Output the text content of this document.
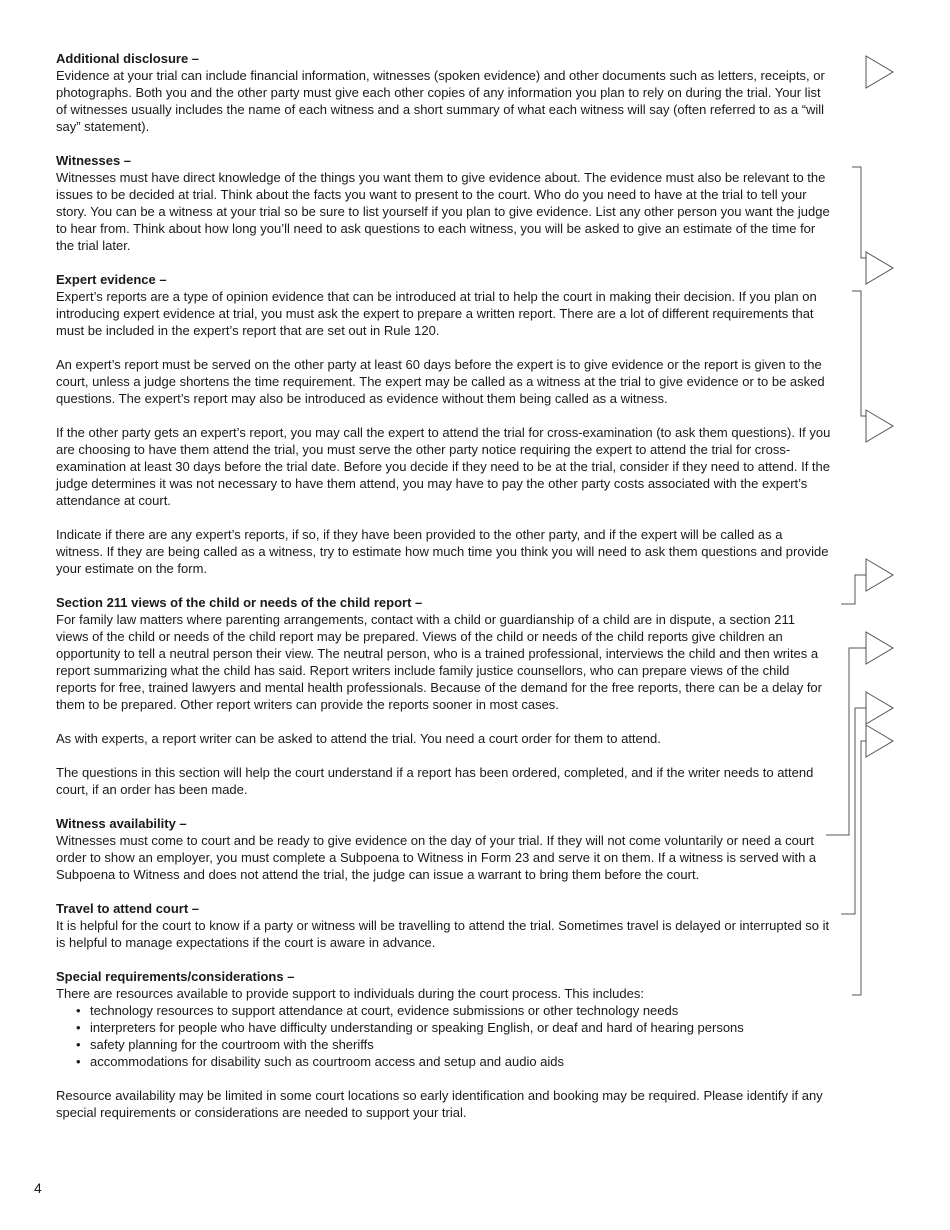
Additional disclosure –

Evidence at your trial can include financial information, witnesses (spoken evidence) and other documents such as letters, receipts, or photographs. Both you and the other party must give each other copies of any information you plan to rely on during the trial. Your list of witnesses usually includes the name of each witness and a short summary of what each witness will say (often referred to as a “will say” statement).

Witnesses –

Witnesses must have direct knowledge of the things you want them to give evidence about. The evidence must also be relevant to the issues to be decided at trial. Think about the facts you want to present to the court. Who do you need to have at the trial to tell your story. You can be a witness at your trial so be sure to list yourself if you plan to give evidence. List any other person you want the judge to hear from. Think about how long you’ll need to ask questions to each witness, you will be asked to give an estimate of the time for the trial later.

Expert evidence –

Expert’s reports are a type of opinion evidence that can be introduced at trial to help the court in making their decision. If you plan on introducing expert evidence at trial, you must ask the expert to prepare a written report. There are a lot of different requirements that must be included in the expert’s report that are set out in Rule 120.

An expert’s report must be served on the other party at least 60 days before the expert is to give evidence or the report is given to the court, unless a judge shortens the time requirement. The expert may be called as a witness at the trial to give evidence or to be asked questions. The expert’s report may also be introduced as evidence without them being called as a witness.

If the other party gets an expert’s report, you may call the expert to attend the trial for cross-examination (to ask them questions). If you are choosing to have them attend the trial, you must serve the other party notice requiring the expert to attend the trial for cross-examination at least 30 days before the trial date. Before you decide if they need to be at the trial, consider if they need to attend. If the judge determines it was not necessary to have them attend, you may have to pay the other party costs associated with the expert’s attendance at court.

Indicate if there are any expert’s reports, if so, if they have been provided to the other party, and if the expert will be called as a witness. If they are being called as a witness, try to estimate how much time you think you will need to ask them questions and provide your estimate on the form.

Section 211 views of the child or needs of the child report –

For family law matters where parenting arrangements, contact with a child or guardianship of a child are in dispute, a section 211 views of the child or needs of the child report may be prepared. Views of the child or needs of the child reports give children an opportunity to tell a neutral person their view. The neutral person, who is a trained professional, interviews the child and then writes a report summarizing what the child has said. Report writers include family justice counsellors, who can prepare views of the child reports for free, trained lawyers and mental health professionals. Because of the demand for the free reports, there can be a delay for them to be prepared. Other report writers can provide the reports sooner in most cases.

As with experts, a report writer can be asked to attend the trial. You need a court order for them to attend.

The questions in this section will help the court understand if a report has been ordered, completed, and if the writer needs to attend court, if an order has been made.

Witness availability –

Witnesses must come to court and be ready to give evidence on the day of your trial. If they will not come voluntarily or need a court order to show an employer, you must complete a Subpoena to Witness in Form 23 and serve it on them. If a witness is served with a Subpoena to Witness and does not attend the trial, the judge can issue a warrant to bring them before the court.

Travel to attend court –

It is helpful for the court to know if a party or witness will be travelling to attend the trial. Sometimes travel is delayed or interrupted so it is helpful to manage expectations if the court is aware in advance.

Special requirements/considerations –
There are resources available to provide support to individuals during the court process. This includes:
• technology resources to support attendance at court, evidence submissions or other technology needs
• interpreters for people who have difficulty understanding or speaking English, or deaf and hard of hearing persons
• safety planning for the courtroom with the sheriffs
• accommodations for disability such as courtroom access and setup and audio aids
Resource availability may be limited in some court locations so early identification and booking may be required. Please identify if any special requirements or considerations are needed to support your trial.
4
